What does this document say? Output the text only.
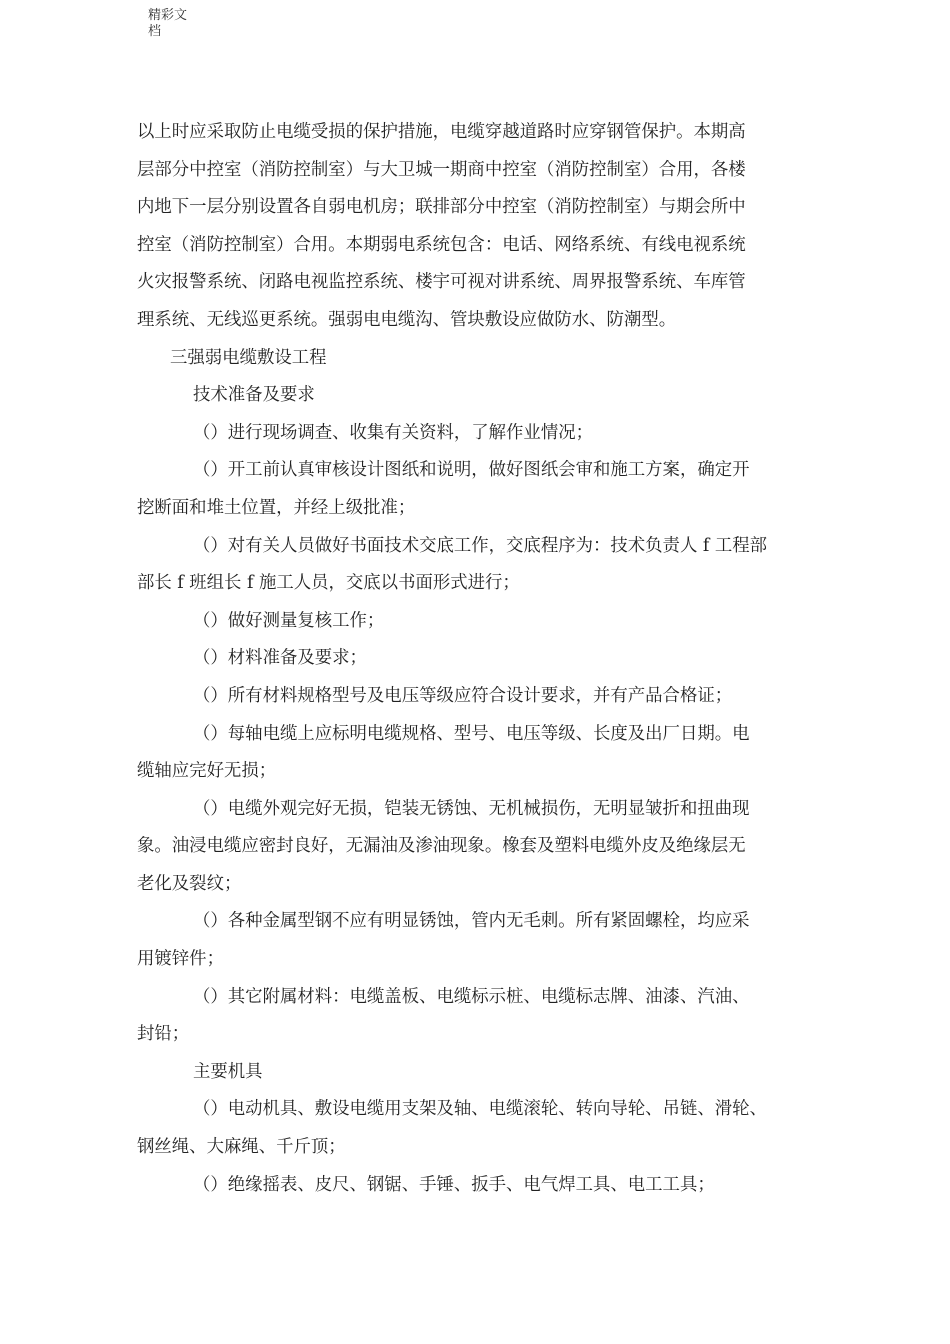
精彩文档

以上时应采取防止电缆受损的保护措施，电缆穿越道路时应穿钢管保护。本期高
层部分中控室（消防控制室）与大卫城一期商中控室（消防控制室）合用，各楼
内地下一层分别设置各自弱电机房；联排部分中控室（消防控制室）与期会所中
控室（消防控制室）合用。本期弱电系统包含：电话、网络系统、有线电视系统
火灾报警系统、闭路电视监控系统、楼宇可视对讲系统、周界报警系统、车库管
理系统、无线巡更系统。强弱电电缆沟、管块敷设应做防水、防潮型。

三强弱电缆敷设工程

技术准备及要求

（）进行现场调查、收集有关资料，了解作业情况；

（）开工前认真审核设计图纸和说明，做好图纸会审和施工方案，确定开
挖断面和堆土位置，并经上级批准；

（）对有关人员做好书面技术交底工作，交底程序为：技术负责人 f 工程部
部长 f 班组长 f 施工人员，交底以书面形式进行；

（）做好测量复核工作；

（）材料准备及要求；

（）所有材料规格型号及电压等级应符合设计要求，并有产品合格证；

（）每轴电缆上应标明电缆规格、型号、电压等级、长度及出厂日期。电
缆轴应完好无损；

（）电缆外观完好无损，铠装无锈蚀、无机械损伤，无明显皱折和扭曲现
象。油浸电缆应密封良好，无漏油及渗油现象。橡套及塑料电缆外皮及绝缘层无
老化及裂纹；

（）各种金属型钢不应有明显锈蚀，管内无毛刺。所有紧固螺栓，均应采
用镀锌件；

（）其它附属材料：电缆盖板、电缆标示桩、电缆标志牌、油漆、汽油、
封铅；

主要机具

（）电动机具、敷设电缆用支架及轴、电缆滚轮、转向导轮、吊链、滑轮、
钢丝绳、大麻绳、千斤顶；

（）绝缘摇表、皮尺、钢锯、手锤、扳手、电气焊工具、电工工具；
